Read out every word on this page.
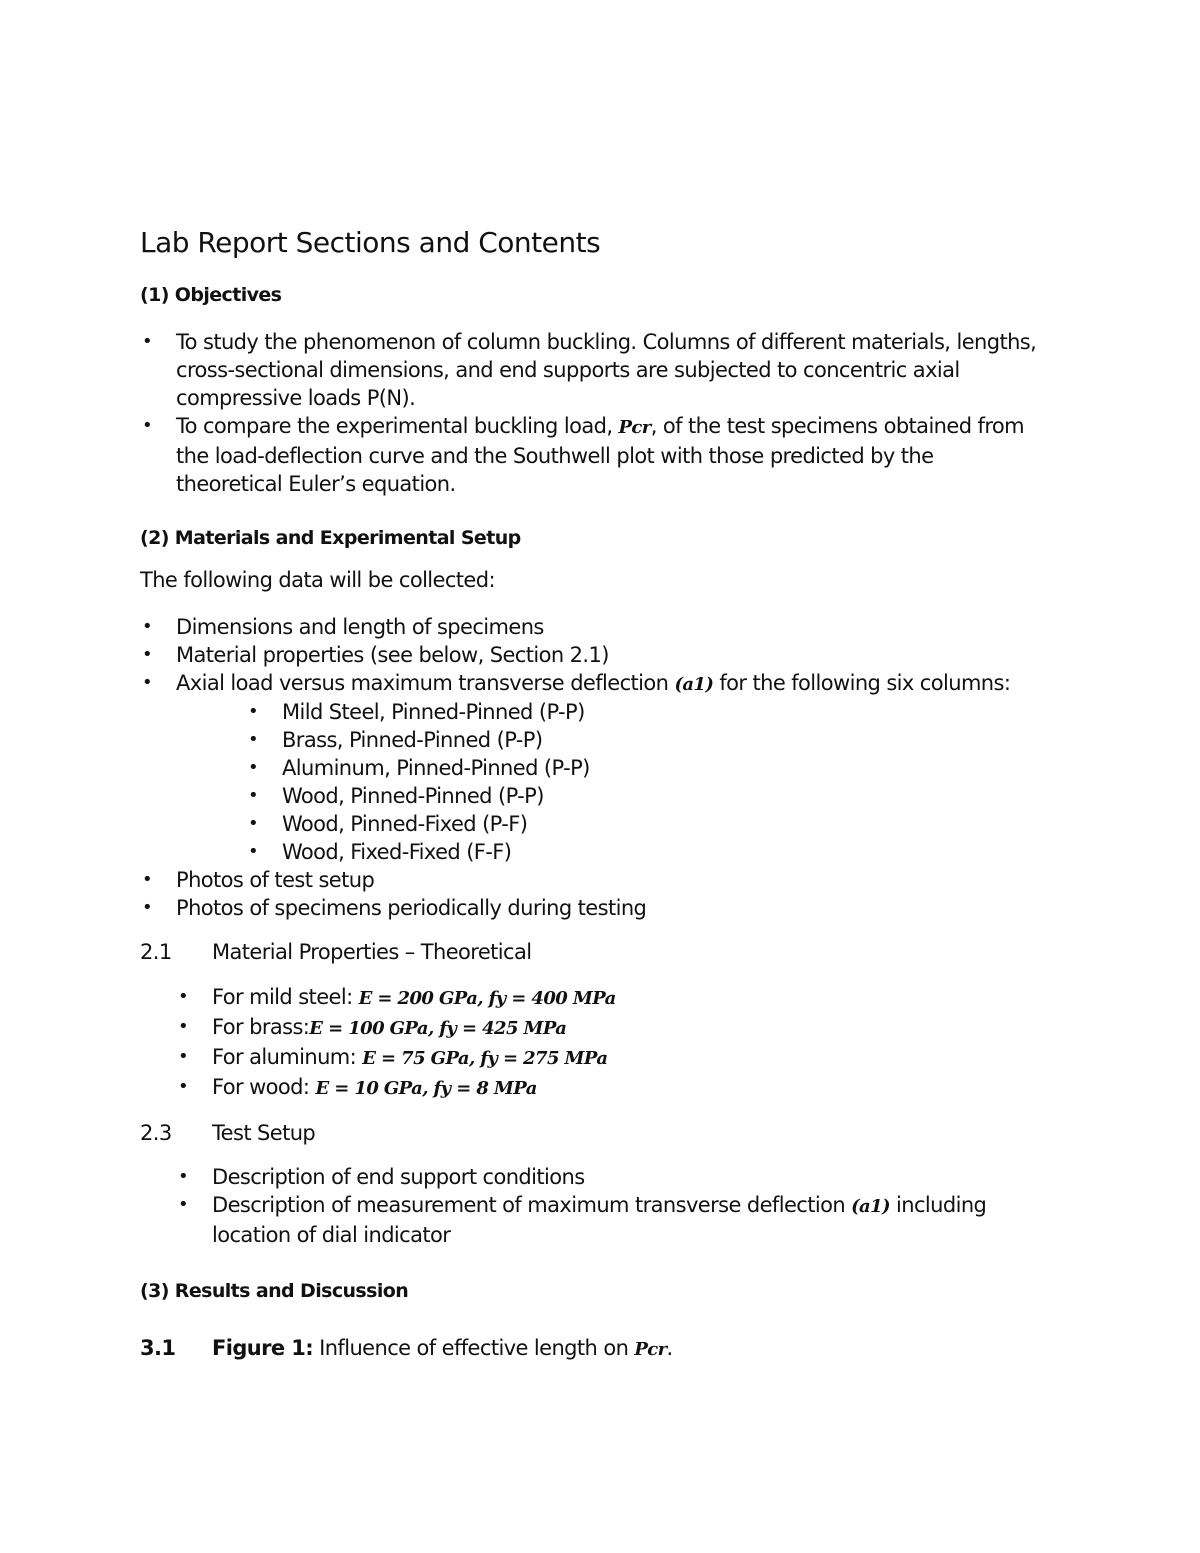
Lab Report Sections and Contents
(1) Objectives
• To study the phenomenon of column buckling. Columns of different materials, lengths, cross-sectional dimensions, and end supports are subjected to concentric axial compressive loads P(N).
• To compare the experimental buckling load, Pcr, of the test specimens obtained from the load-deflection curve and the Southwell plot with those predicted by the theoretical Euler’s equation.
(2) Materials and Experimental Setup
The following data will be collected:
• Dimensions and length of specimens
• Material properties (see below, Section 2.1)
• Axial load versus maximum transverse deflection (a1) for the following six columns:
• Mild Steel, Pinned-Pinned (P-P)
• Brass, Pinned-Pinned (P-P)
• Aluminum, Pinned-Pinned (P-P)
• Wood, Pinned-Pinned (P-P)
• Wood, Pinned-Fixed (P-F)
• Wood, Fixed-Fixed (F-F)
• Photos of test setup
• Photos of specimens periodically during testing
2.1 Material Properties – Theoretical
• For mild steel: E = 200 GPa, fy = 400 MPa
• For brass:E = 100 GPa, fy = 425 MPa
• For aluminum: E = 75 GPa, fy = 275 MPa
• For wood: E = 10 GPa, fy = 8 MPa
2.3 Test Setup
• Description of end support conditions
• Description of measurement of maximum transverse deflection (a1) including location of dial indicator
(3) Results and Discussion
3.1 Figure 1: Influence of effective length on Pcr.
